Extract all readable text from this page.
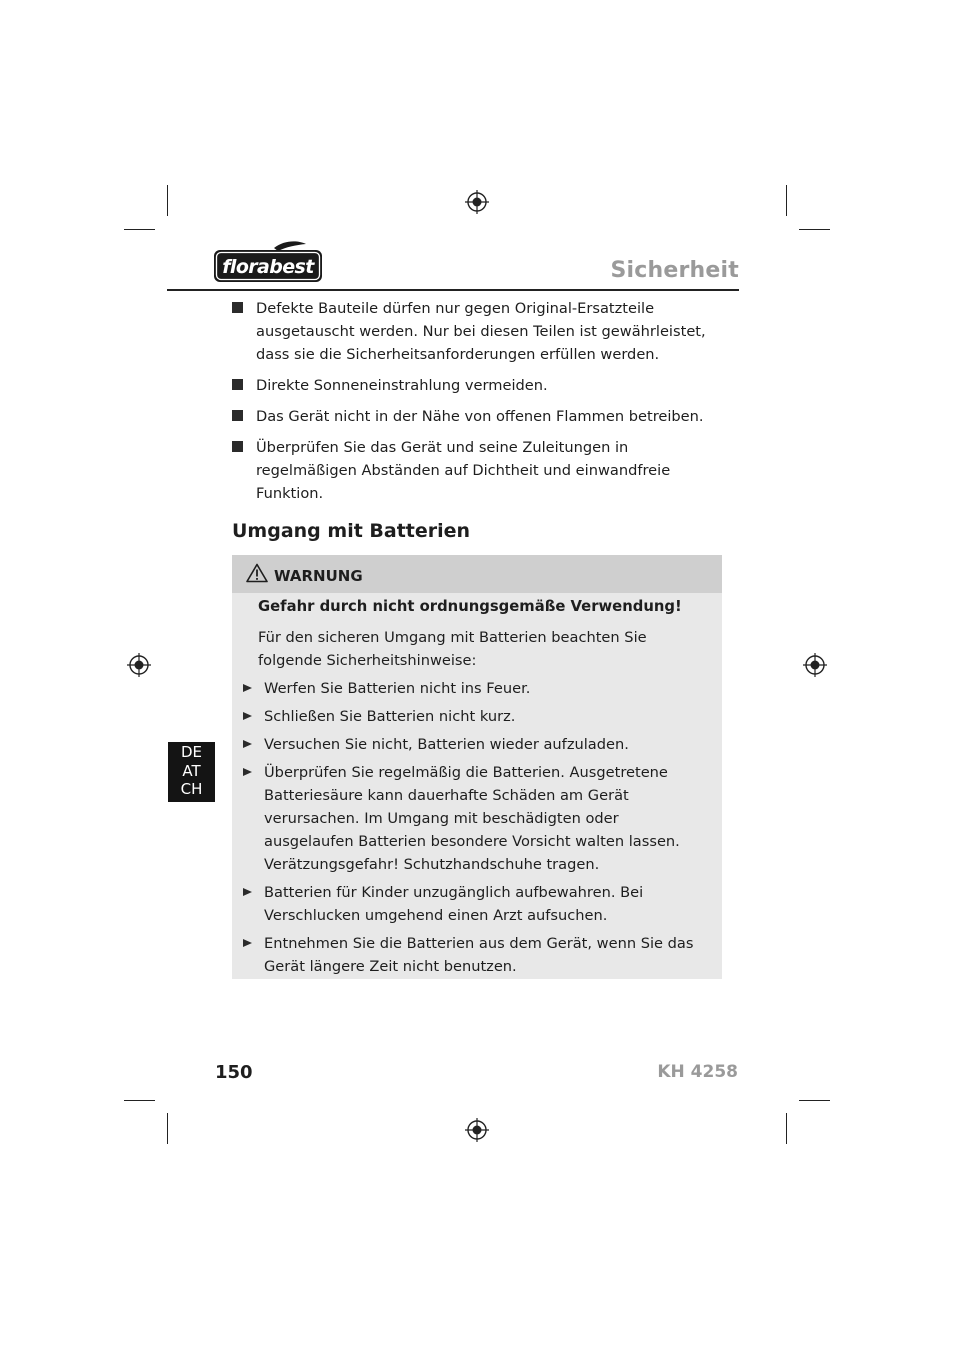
florabest	Sicherheit
Defekte Bauteile dürfen nur gegen Original-Ersatzteile ausgetauscht werden. Nur bei diesen Teilen ist gewährleistet, dass sie die Sicherheitsanforderungen erfüllen werden.
Direkte Sonneneinstrahlung vermeiden.
Das Gerät nicht in der Nähe von offenen Flammen betreiben.
Überprüfen Sie das Gerät und seine Zuleitungen in regelmäßigen Abständen auf Dichtheit und einwandfreie Funktion.
Umgang mit Batterien
WARNUNG
Gefahr durch nicht ordnungsgemäße Verwendung!
Für den sicheren Umgang mit Batterien beachten Sie folgende Sicherheitshinweise:
Werfen Sie Batterien nicht ins Feuer.
Schließen Sie Batterien nicht kurz.
Versuchen Sie nicht, Batterien wieder aufzuladen.
Überprüfen Sie regelmäßig die Batterien. Ausgetretene Batteriesäure kann dauerhafte Schäden am Gerät verursachen. Im Umgang mit beschädigten oder ausgelaufen Batterien besondere Vorsicht walten lassen. Verätzungsgefahr! Schutzhandschuhe tragen.
Batterien für Kinder unzugänglich aufbewahren. Bei Verschlucken umgehend einen Arzt aufsuchen.
Entnehmen Sie die Batterien aus dem Gerät, wenn Sie das Gerät längere Zeit nicht benutzen.
DE
AT
CH
150	KH 4258
